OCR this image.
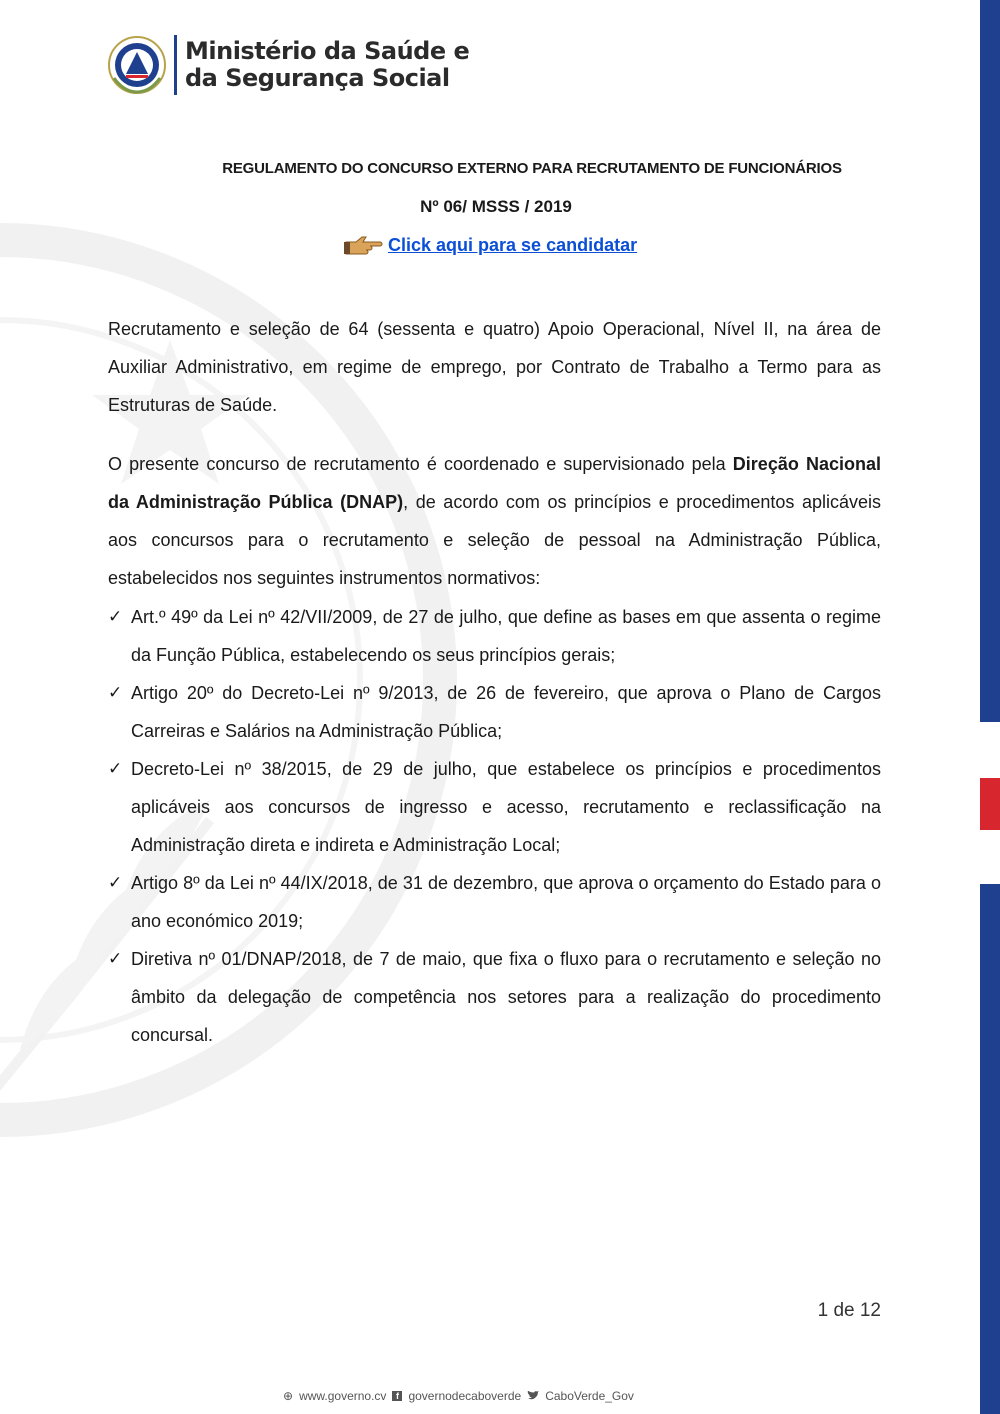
Ministério da Saúde e
da Segurança Social
REGULAMENTO DO CONCURSO EXTERNO PARA RECRUTAMENTO DE FUNCIONÁRIOS
Nº 06/ MSSS / 2019
Click aqui para se candidatar

Recrutamento e seleção de 64 (sessenta e quatro) Apoio Operacional, Nível II, na área de Auxiliar Administrativo, em regime de emprego, por Contrato de Trabalho a Termo para as Estruturas de Saúde.

O presente concurso de recrutamento é coordenado e supervisionado pela Direção Nacional da Administração Pública (DNAP), de acordo com os princípios e procedimentos aplicáveis aos concursos para o recrutamento e seleção de pessoal na Administração Pública, estabelecidos nos seguintes instrumentos normativos:

✓ Art.º 49º da Lei nº 42/VII/2009, de 27 de julho, que define as bases em que assenta o regime da Função Pública, estabelecendo os seus princípios gerais;
✓ Artigo 20º do Decreto-Lei nº 9/2013, de 26 de fevereiro, que aprova o Plano de Cargos Carreiras e Salários na Administração Pública;
✓ Decreto-Lei nº 38/2015, de 29 de julho, que estabelece os princípios e procedimentos aplicáveis aos concursos de ingresso e acesso, recrutamento e reclassificação na Administração direta e indireta e Administração Local;
✓ Artigo 8º da Lei nº 44/IX/2018, de 31 de dezembro, que aprova o orçamento do Estado para o ano económico 2019;
✓ Diretiva nº 01/DNAP/2018, de 7 de maio, que fixa o fluxo para o recrutamento e seleção no âmbito da delegação de competência nos setores para a realização do procedimento concursal.
1 de 12
⊕ www.governo.cv	f governodecaboverde CaboVerde_Gov
